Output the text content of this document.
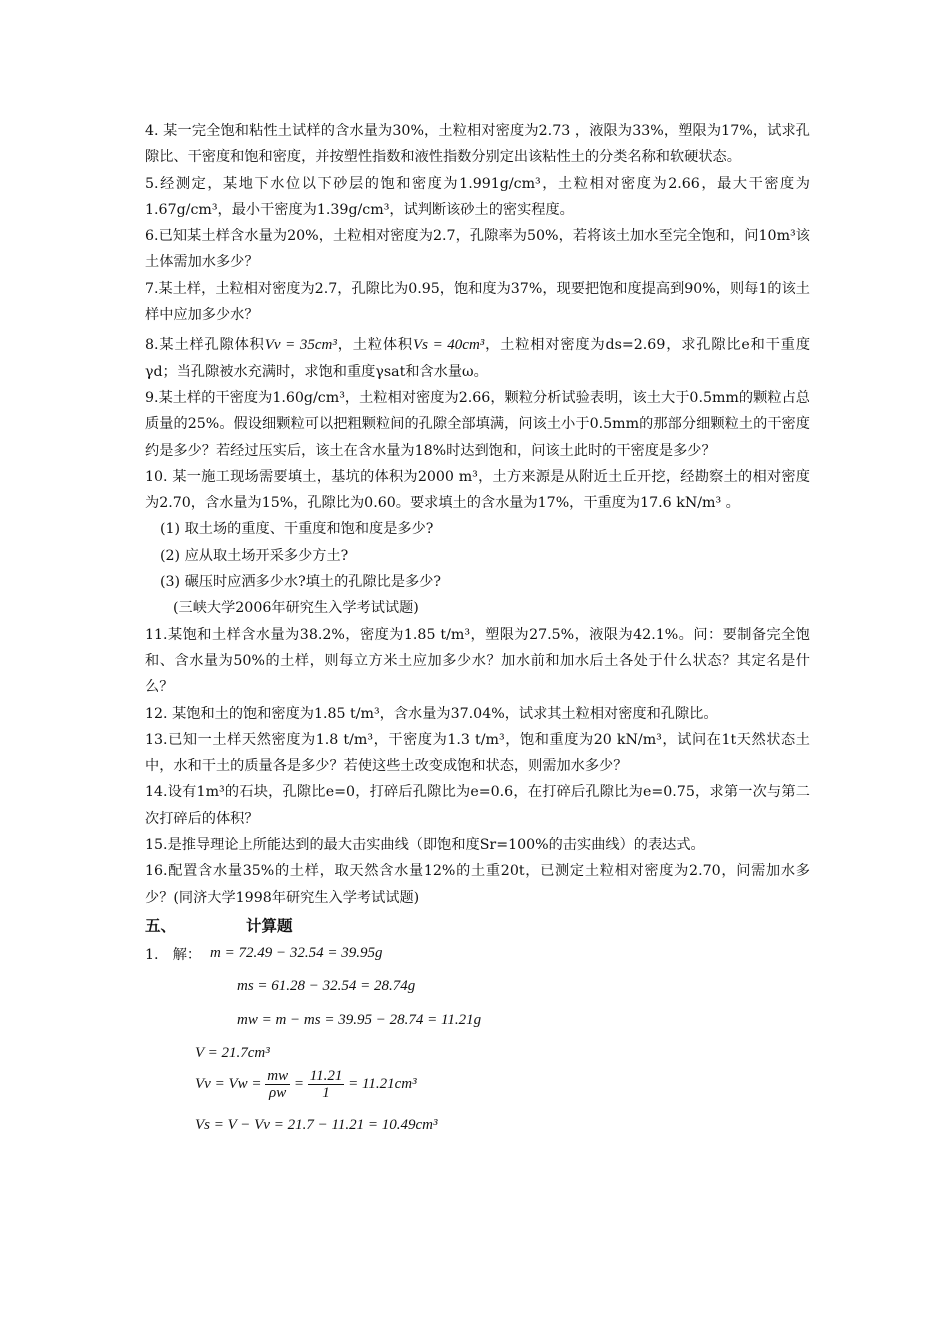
4. 某一完全饱和粘性土试样的含水量为30%，土粒相对密度为2.73 ，液限为33%，塑限为17%，试求孔隙比、干密度和饱和密度，并按塑性指数和液性指数分别定出该粘性土的分类名称和软硬状态。

5.经测定，某地下水位以下砂层的饱和密度为1.991g/cm³，土粒相对密度为2.66，最大干密度为1.67g/cm³，最小干密度为1.39g/cm³，试判断该砂土的密实程度。

6.已知某土样含水量为20%，土粒相对密度为2.7，孔隙率为50%，若将该土加水至完全饱和，问10m³该土体需加水多少？

7.某土样，土粒相对密度为2.7，孔隙比为0.95，饱和度为37%，现要把饱和度提高到90%，则每1的该土样中应加多少水？

8.某土样孔隙体积Vv = 35cm³，土粒体积Vs = 40cm³，土粒相对密度为ds=2.69，求孔隙比e和干重度γd；当孔隙被水充满时，求饱和重度γsat和含水量ω。

9.某土样的干密度为1.60g/cm³，土粒相对密度为2.66，颗粒分析试验表明，该土大于0.5mm的颗粒占总质量的25%。假设细颗粒可以把粗颗粒间的孔隙全部填满，问该土小于0.5mm的那部分细颗粒土的干密度约是多少？若经过压实后，该土在含水量为18%时达到饱和，问该土此时的干密度是多少？

10. 某一施工现场需要填土，基坑的体积为2000 m³，土方来源是从附近土丘开挖，经勘察土的相对密度为2.70，含水量为15%，孔隙比为0.60。要求填土的含水量为17%，干重度为17.6 kN/m³ 。

(1) 取土场的重度、干重度和饱和度是多少?

(2) 应从取土场开采多少方土?

(3) 碾压时应洒多少水?填土的孔隙比是多少?

(三峡大学2006年研究生入学考试试题)

11.某饱和土样含水量为38.2%，密度为1.85 t/m³，塑限为27.5%，液限为42.1%。问：要制备完全饱和、含水量为50%的土样，则每立方米土应加多少水？加水前和加水后土各处于什么状态？其定名是什么？

12. 某饱和土的饱和密度为1.85 t/m³，含水量为37.04%，试求其土粒相对密度和孔隙比。

13.已知一土样天然密度为1.8 t/m³，干密度为1.3 t/m³，饱和重度为20 kN/m³，试问在1t天然状态土中，水和干土的质量各是多少？若使这些土改变成饱和状态，则需加水多少？

14.设有1m³的石块，孔隙比e=0，打碎后孔隙比为e=0.6，在打碎后孔隙比为e=0.75，求第一次与第二次打碎后的体积？

15.是推导理论上所能达到的最大击实曲线（即饱和度Sr=100%的击实曲线）的表达式。

16.配置含水量35%的土样，取天然含水量12%的土重20t，已测定土粒相对密度为2.70，问需加水多少？(同济大学1998年研究生入学考试试题)

五、	计算题
1.　解： m = 72.49 − 32.54 = 39.95g
ms = 61.28 − 32.54 = 28.74g
mw = m − ms = 39.95 − 28.74 = 11.21g
V = 21.7cm³
$Vv = Vw = \frac{mw}{\rho w} = \frac{11.21}{1} = 11.21cm^3$
Vs = V − Vv = 21.7 − 11.21 = 10.49cm³
